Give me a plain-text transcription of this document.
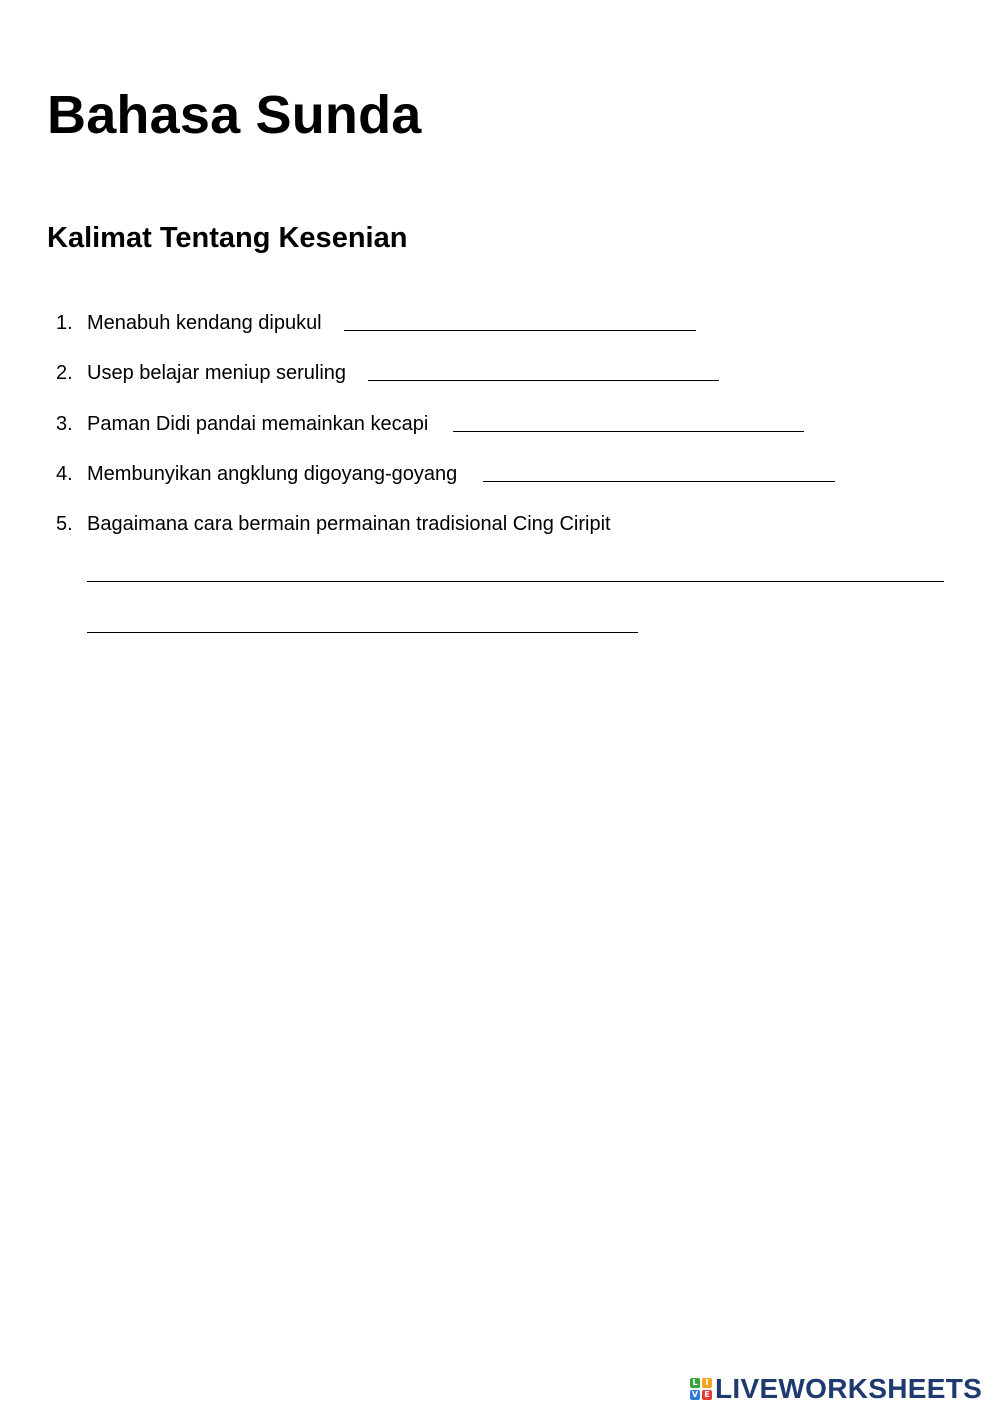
Bahasa Sunda
Kalimat Tentang Kesenian
1. Menabuh kendang dipukul
2. Usep belajar meniup seruling
3. Paman Didi pandai memainkan kecapi
4. Membunyikan angklung digoyang-goyang
5. Bagaimana cara bermain permainan tradisional Cing Ciripit
L I
V E LIVEWORKSHEETS
